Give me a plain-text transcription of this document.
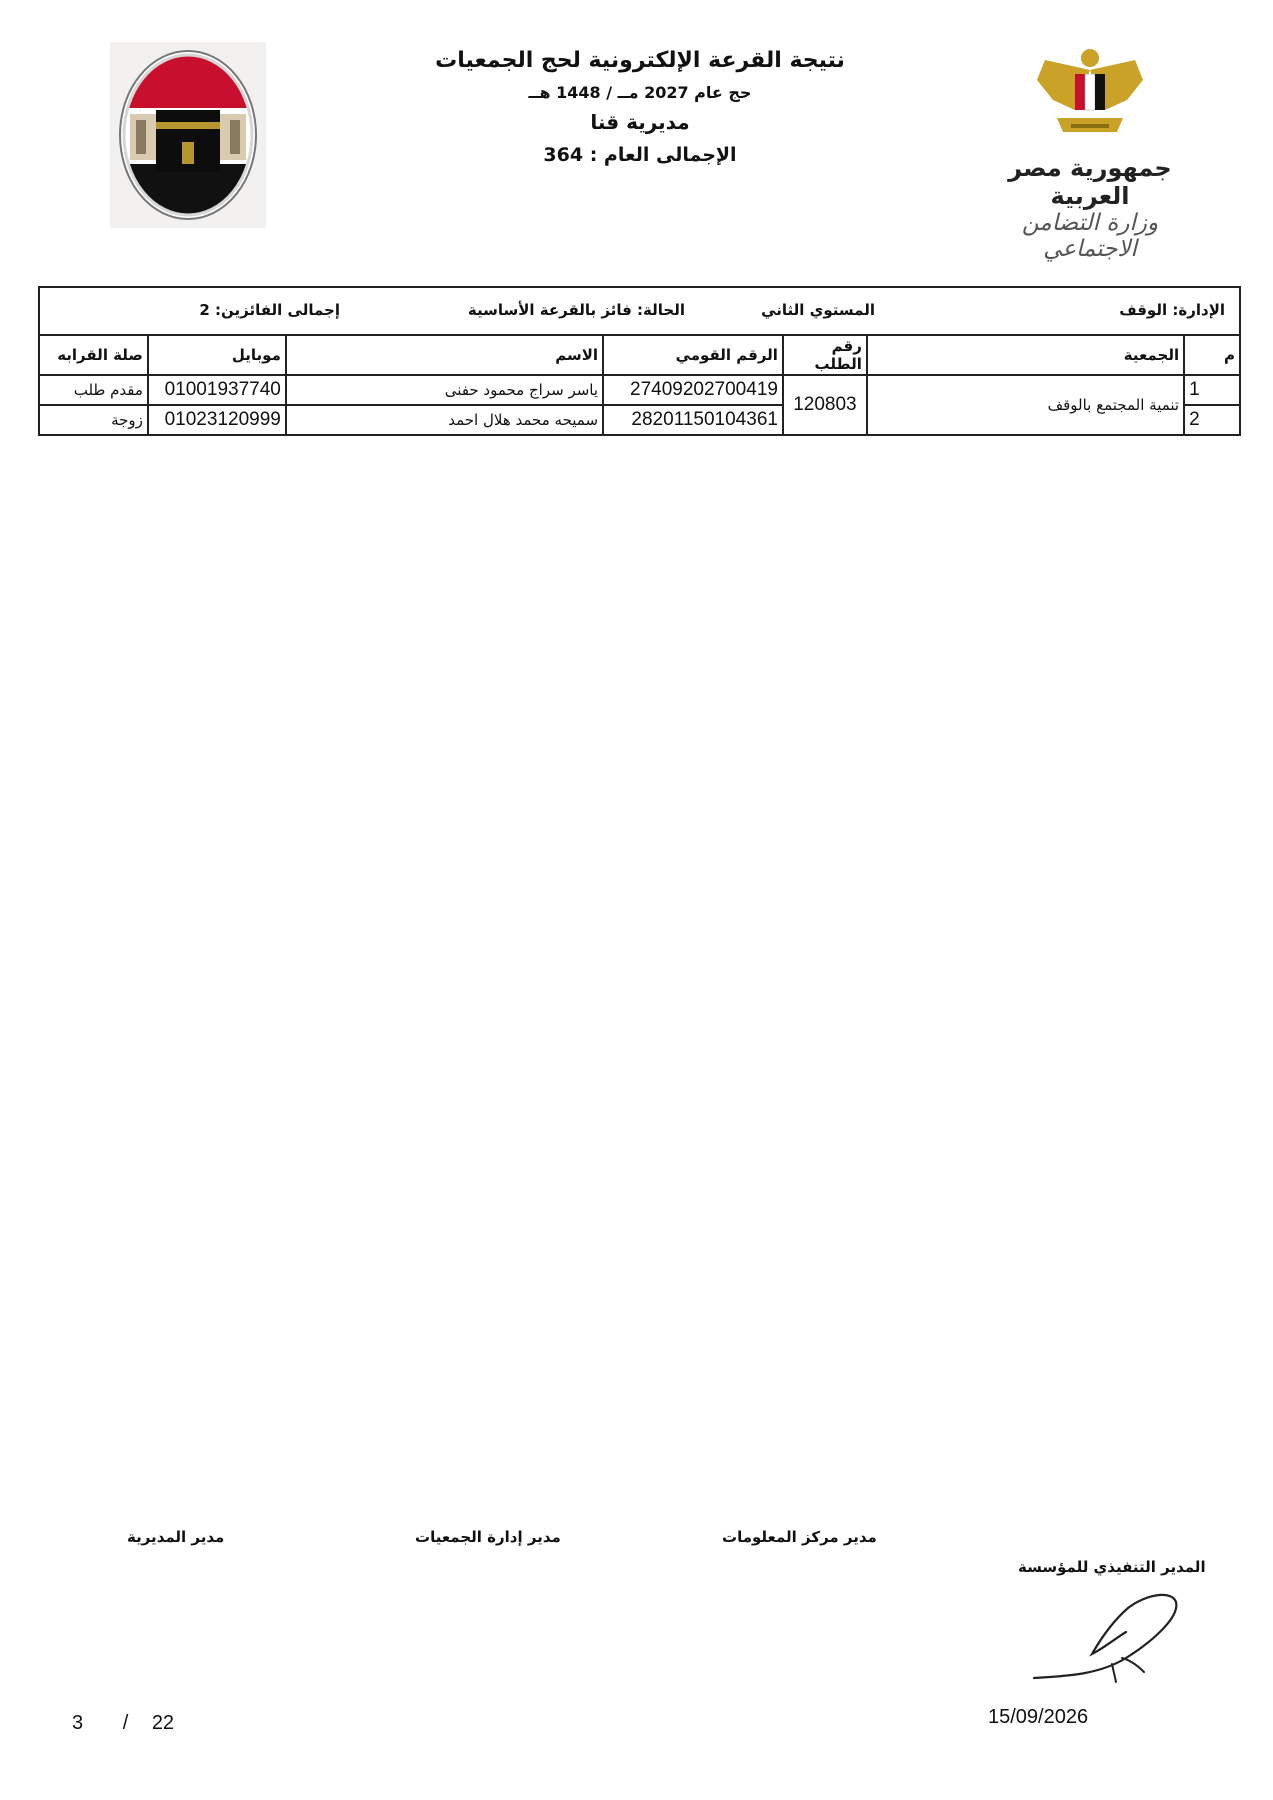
نتيجة القرعة الإلكترونية لحج الجمعيات
حج عام 2027 مــ / 1448 هــ
مديرية قنا
الإجمالى العام : 364	جمهورية مصر العربية
وزارة التضامن الاجتماعي
الإدارة: الوقف
المستوي الثاني
الحالة: فائز بالقرعة الأساسية
إجمالى الفائزين: 2						

م	الجمعية	رقم الطلب	الرقم القومي	الاسم	موبايل	صلة القرابه
1	تنمية المجتمع بالوقف	120803	27409202700419	ياسر سراج محمود حفنى	01001937740	مقدم طلب
2			28201150104361	سميحه محمد هلال احمد	01023120999	زوجة
مدير المديرية	مدير إدارة الجمعيات	مدير مركز المعلومات
المدير التنفيذي للمؤسسة
3 / 22	15/09/2026
